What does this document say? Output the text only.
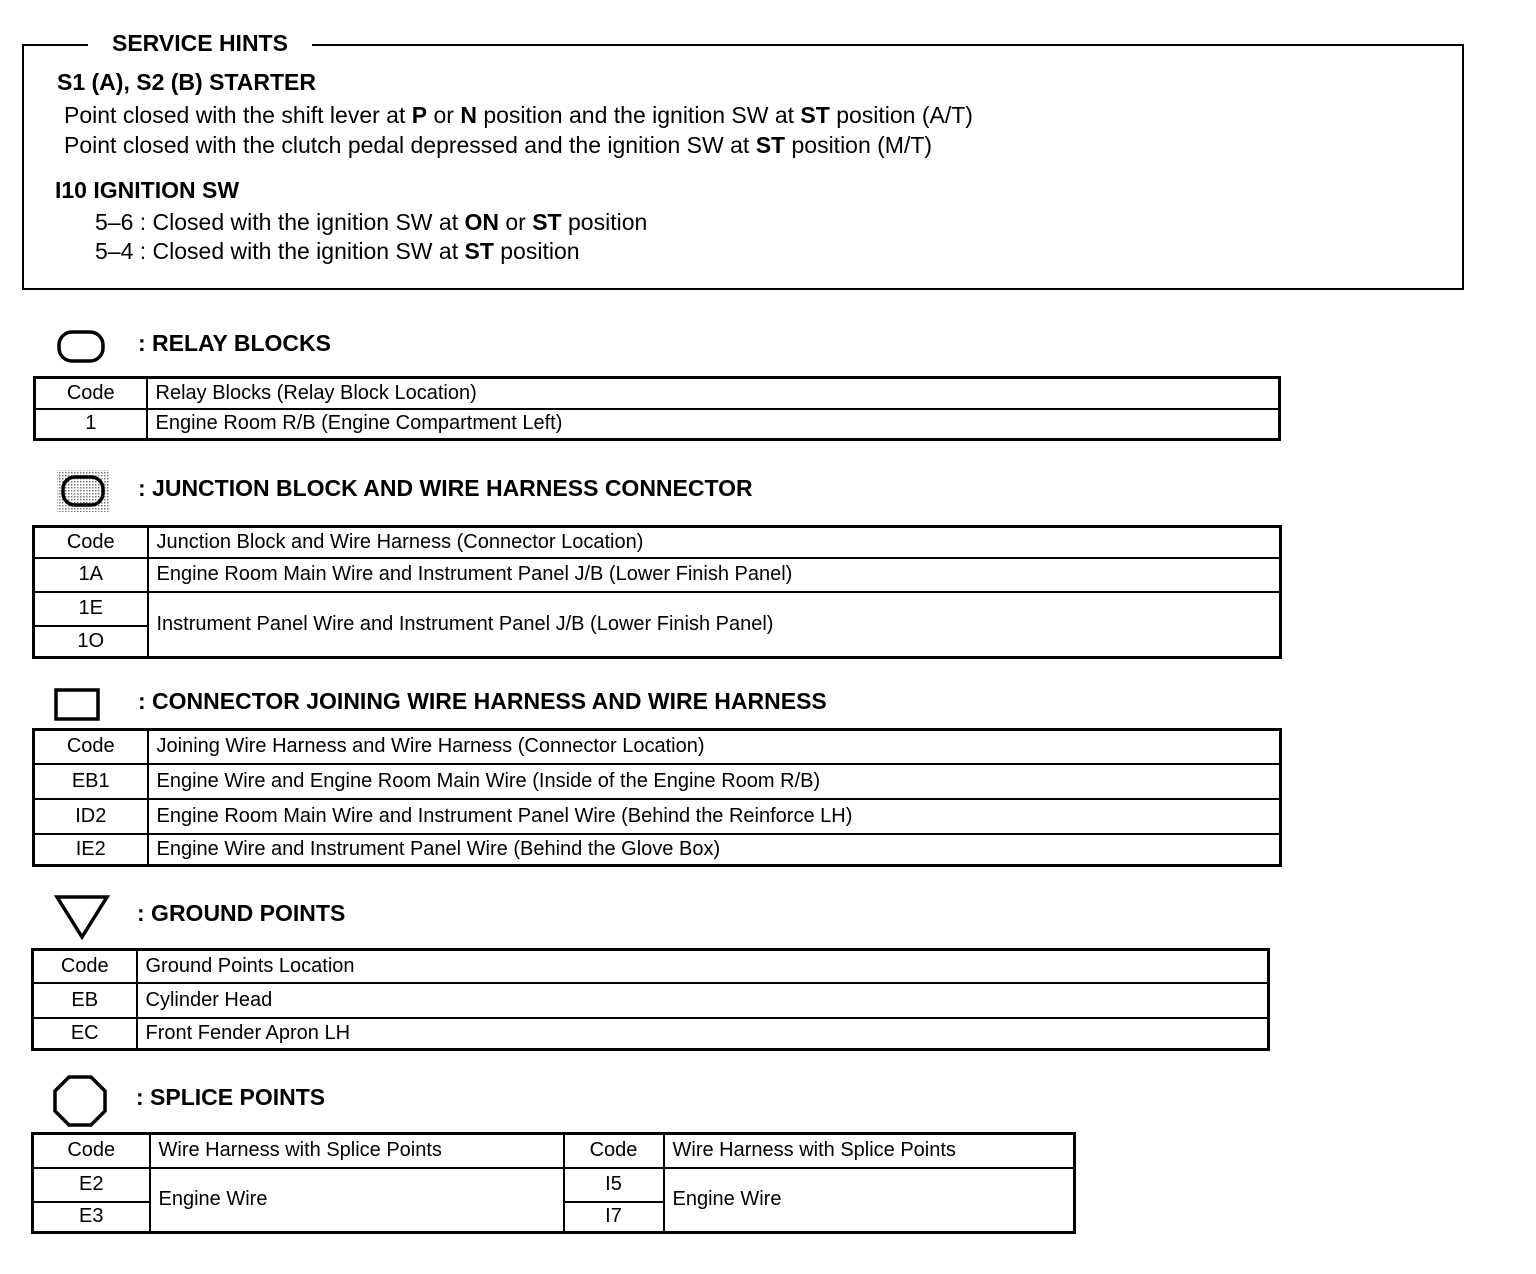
SERVICE HINTS
S1 (A), S2 (B) STARTER
Point closed with the shift lever at P or N position and the ignition SW at ST position (A/T)
Point closed with the clutch pedal depressed and the ignition SW at ST position (M/T)
I10 IGNITION SW
5–6 : Closed with the ignition SW at ON or ST position
5–4 : Closed with the ignition SW at ST position
: RELAY BLOCKS
Code	Relay Blocks (Relay Block Location)
1	Engine Room R/B (Engine Compartment Left)
: JUNCTION BLOCK AND WIRE HARNESS CONNECTOR
Code	Junction Block and Wire Harness (Connector Location)
1A	Engine Room Main Wire and Instrument Panel J/B (Lower Finish Panel)
1E	Instrument Panel Wire and Instrument Panel J/B (Lower Finish Panel)
1O	
: CONNECTOR JOINING WIRE HARNESS AND WIRE HARNESS
Code	Joining Wire Harness and Wire Harness (Connector Location)
EB1	Engine Wire and Engine Room Main Wire (Inside of the Engine Room R/B)
ID2	Engine Room Main Wire and Instrument Panel Wire (Behind the Reinforce LH)
IE2	Engine Wire and Instrument Panel Wire (Behind the Glove Box)
: GROUND POINTS
Code	Ground Points Location
EB	Cylinder Head
EC	Front Fender Apron LH
: SPLICE POINTS
Code	Wire Harness with Splice Points	Code	Wire Harness with Splice Points
E2	Engine Wire	I5	Engine Wire
E3		I7	
